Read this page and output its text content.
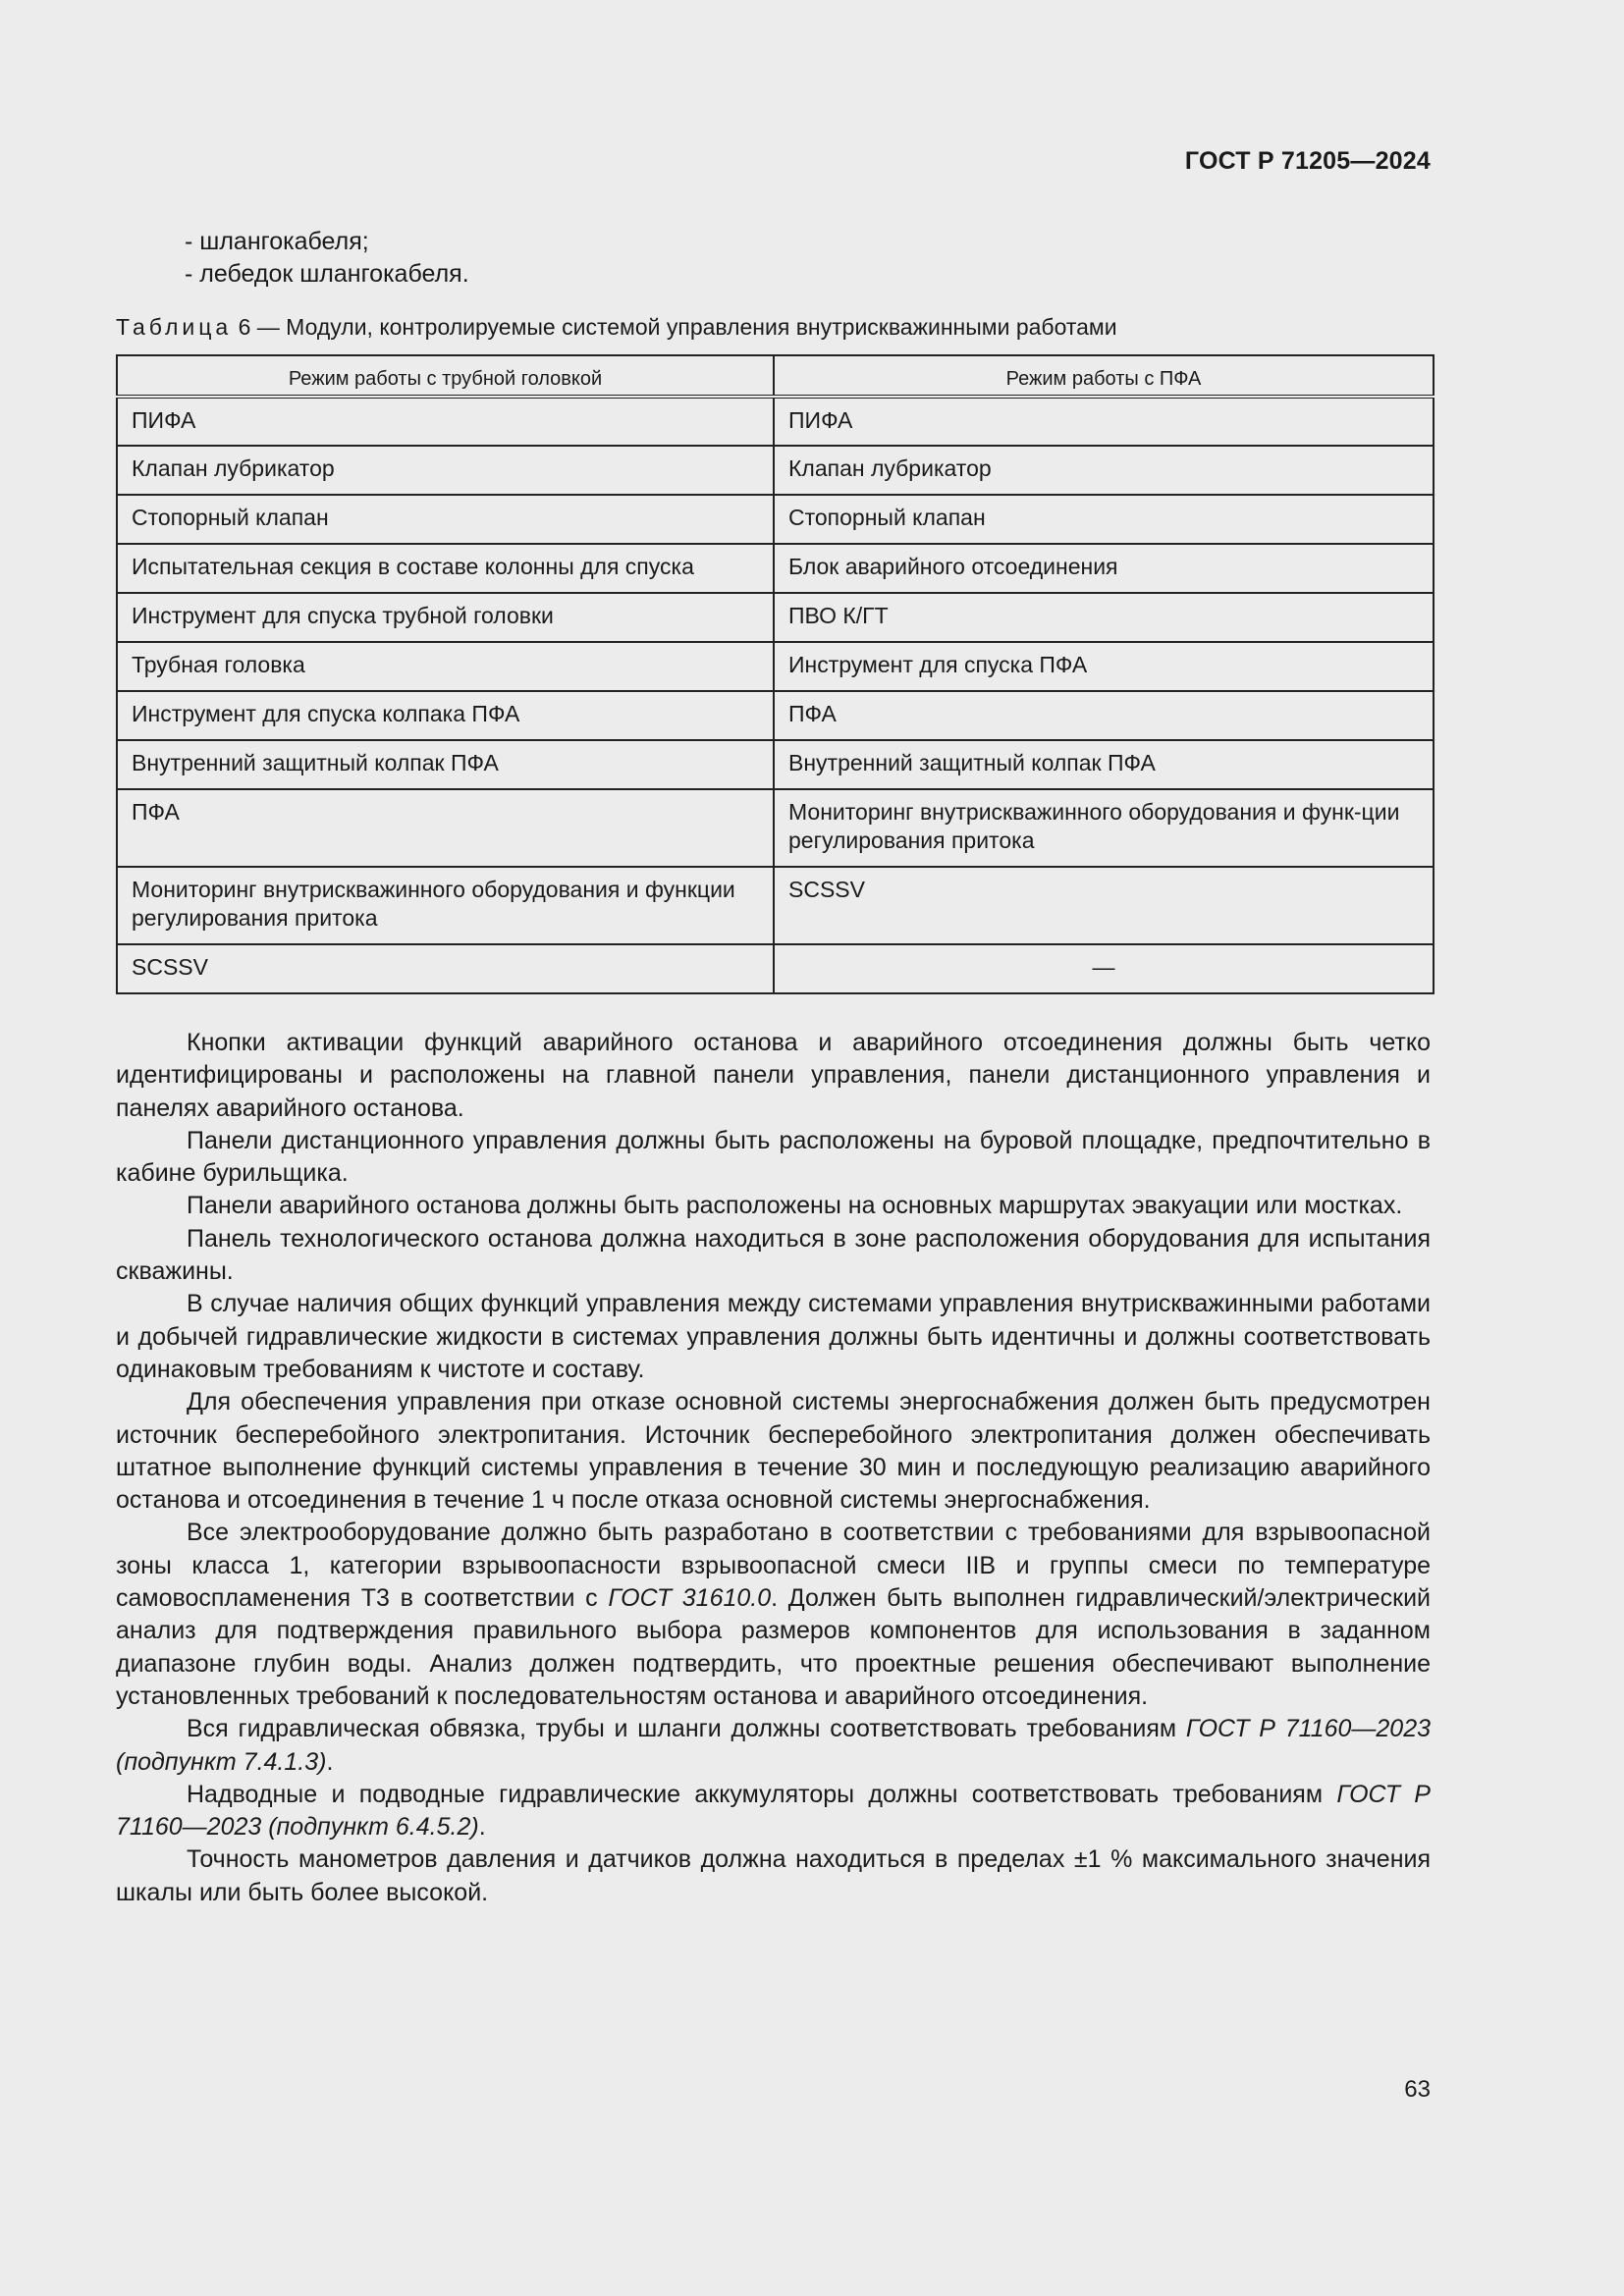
ГОСТ Р 71205—2024
- шлангокабеля;
- лебедок шлангокабеля.
Таблица 6 — Модули, контролируемые системой управления внутрискважинными работами
Режим работы с трубной головкой	Режим работы с ПФА
ПИФА	ПИФА
Клапан лубрикатор	Клапан лубрикатор
Стопорный клапан	Стопорный клапан
Испытательная секция в составе колонны для спуска	Блок аварийного отсоединения
Инструмент для спуска трубной головки	ПВО К/ГТ
Трубная головка	Инструмент для спуска ПФА
Инструмент для спуска колпака ПФА	ПФА
Внутренний защитный колпак ПФА	Внутренний защитный колпак ПФА
ПФА	Мониторинг внутрискважинного оборудования и функ-ции регулирования притока
Мониторинг внутрискважинного оборудования и функции регулирования притока	SCSSV
SCSSV	—

Кнопки активации функций аварийного останова и аварийного отсоединения должны быть четко идентифицированы и расположены на главной панели управления, панели дистанционного управления и панелях аварийного останова.

Панели дистанционного управления должны быть расположены на буровой площадке, предпочтительно в кабине бурильщика.

Панели аварийного останова должны быть расположены на основных маршрутах эвакуации или мостках.

Панель технологического останова должна находиться в зоне расположения оборудования для испытания скважины.

В случае наличия общих функций управления между системами управления внутрискважинными работами и добычей гидравлические жидкости в системах управления должны быть идентичны и должны соответствовать одинаковым требованиям к чистоте и составу.

Для обеспечения управления при отказе основной системы энергоснабжения должен быть предусмотрен источник бесперебойного электропитания. Источник бесперебойного электропитания должен обеспечивать штатное выполнение функций системы управления в течение 30 мин и последующую реализацию аварийного останова и отсоединения в течение 1 ч после отказа основной системы энергоснабжения.

Все электрооборудование должно быть разработано в соответствии с требованиями для взрывоопасной зоны класса 1, категории взрывоопасности взрывоопасной смеси IIB и группы смеси по температуре самовоспламенения Т3 в соответствии с ГОСТ 31610.0. Должен быть выполнен гидравлический/электрический анализ для подтверждения правильного выбора размеров компонентов для использования в заданном диапазоне глубин воды. Анализ должен подтвердить, что проектные решения обеспечивают выполнение установленных требований к последовательностям останова и аварийного отсоединения.

Вся гидравлическая обвязка, трубы и шланги должны соответствовать требованиям ГОСТ Р 71160—2023 (подпункт 7.4.1.3).

Надводные и подводные гидравлические аккумуляторы должны соответствовать требованиям ГОСТ Р 71160—2023 (подпункт 6.4.5.2).

Точность манометров давления и датчиков должна находиться в пределах ±1 % максимального значения шкалы или быть более высокой.

63
